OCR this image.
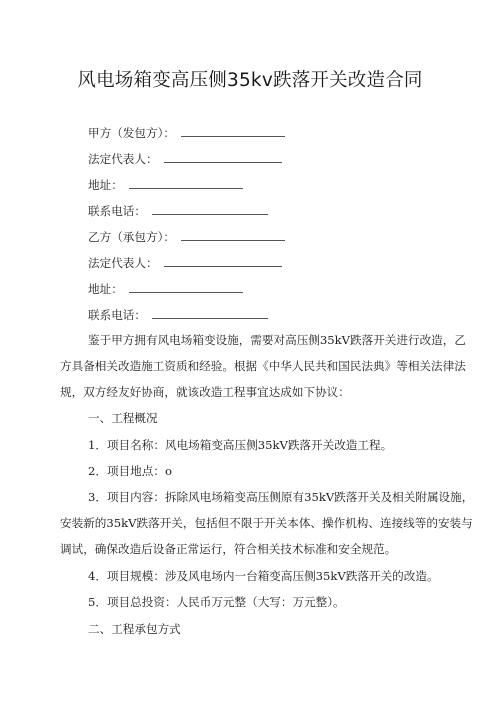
风电场箱变高压侧35kv跌落开关改造合同
甲方（发包方）：
法定代表人：
地址：
联系电话：
乙方（承包方）：
法定代表人：
地址：
联系电话：
鉴于甲方拥有风电场箱变设施，需要对高压侧35kV跌落开关进行改造，乙
方具备相关改造施工资质和经验。根据《中华人民共和国民法典》等相关法律法
规，双方经友好协商，就该改造工程事宜达成如下协议：
一、工程概况
1．项目名称：风电场箱变高压侧35kV跌落开关改造工程。
2．项目地点：o
3．项目内容：拆除风电场箱变高压侧原有35kV跌落开关及相关附属设施，
安装新的35kV跌落开关，包括但不限于开关本体、操作机构、连接线等的安装与
调试，确保改造后设备正常运行，符合相关技术标准和安全规范。
4．项目规模：涉及风电场内一台箱变高压侧35kV跌落开关的改造。
5．项目总投资：人民币万元整（大写：万元整）。
二、工程承包方式
